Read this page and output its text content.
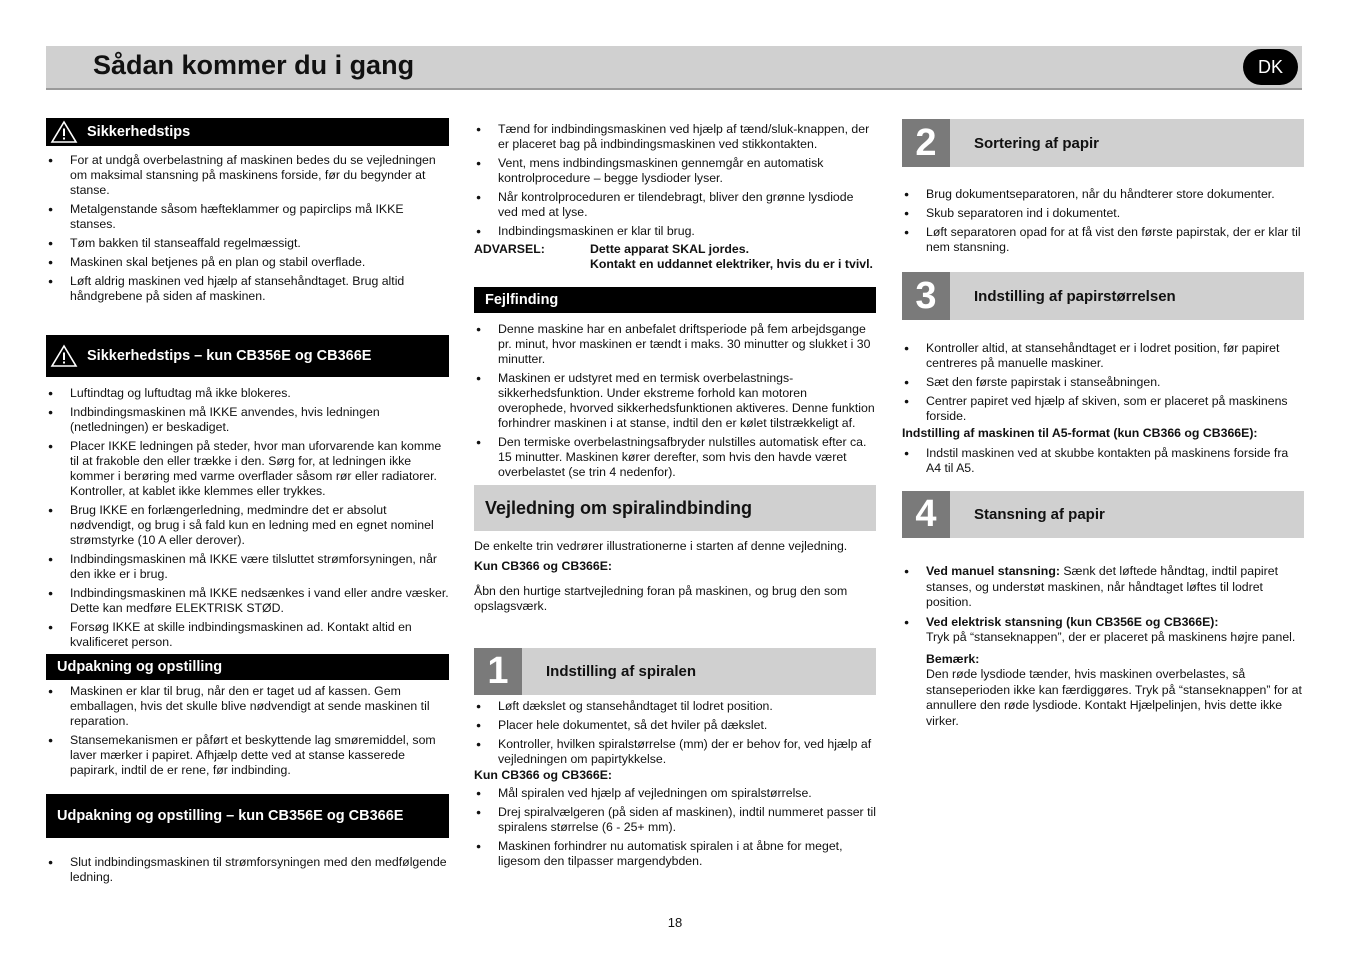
Sådan kommer du i gang	DK
Sikkerhedstips
● For at undgå overbelastning af maskinen bedes du se vejledningen om maksimal stansning på maskinens forside, før du begynder at stanse.
● Metalgenstande såsom hæfteklammer og papirclips må IKKE stanses.
● Tøm bakken til stanseaffald regelmæssigt.
● Maskinen skal betjenes på en plan og stabil overflade.
● Løft aldrig maskinen ved hjælp af stansehåndtaget. Brug altid håndgrebene på siden af maskinen.
Sikkerhedstips – kun CB356E og CB366E
● Luftindtag og luftudtag må ikke blokeres.
● Indbindingsmaskinen må IKKE anvendes, hvis ledningen (netledningen) er beskadiget.
● Placer IKKE ledningen på steder, hvor man uforvarende kan komme til at frakoble den eller trække i den. Sørg for, at ledningen ikke kommer i berøring med varme overflader såsom rør eller radiatorer. Kontroller, at kablet ikke klemmes eller trykkes.
● Brug IKKE en forlængerledning, medmindre det er absolut nødvendigt, og brug i så fald kun en ledning med en egnet nominel strømstyrke (10 A eller derover).
● Indbindingsmaskinen må IKKE være tilsluttet strømforsyningen, når den ikke er i brug.
● Indbindingsmaskinen må IKKE nedsænkes i vand eller andre væsker. Dette kan medføre ELEKTRISK STØD.
● Forsøg IKKE at skille indbindingsmaskinen ad. Kontakt altid en kvalificeret person.
Udpakning og opstilling
● Maskinen er klar til brug, når den er taget ud af kassen. Gem emballagen, hvis det skulle blive nødvendigt at sende maskinen til reparation.
● Stansemekanismen er påført et beskyttende lag smøremiddel, som laver mærker i papiret. Afhjælp dette ved at stanse kasserede papirark, indtil de er rene, før indbinding.
Udpakning og opstilling – kun CB356E og CB366E
● Slut indbindingsmaskinen til strømforsyningen med den medfølgende ledning.
● Tænd for indbindingsmaskinen ved hjælp af tænd/sluk-knappen, der er placeret bag på indbindingsmaskinen ved stikkontakten.
● Vent, mens indbindingsmaskinen gennemgår en automatisk kontrolprocedure – begge lysdioder lyser.
● Når kontrolproceduren er tilendebragt, bliver den grønne lysdiode ved med at lyse.
● Indbindingsmaskinen er klar til brug.
ADVARSEL:	Dette apparat SKAL jordes.
Kontakt en uddannet elektriker, hvis du er i tvivl.
Fejlfinding
● Denne maskine har en anbefalet driftsperiode på fem arbejdsgange pr. minut, hvor maskinen er tændt i maks. 30 minutter og slukket i 30 minutter.
● Maskinen er udstyret med en termisk overbelastnings-sikkerhedsfunktion. Under ekstreme forhold kan motoren overophede, hvorved sikkerhedsfunktionen aktiveres. Denne funktion forhindrer maskinen i at stanse, indtil den er kølet tilstrækkeligt af.
● Den termiske overbelastningsafbryder nulstilles automatisk efter ca. 15 minutter. Maskinen kører derefter, som hvis den havde været overbelastet (se trin 4 nedenfor).
Vejledning om spiralindbinding
De enkelte trin vedrører illustrationerne i starten af denne vejledning.
Kun CB366 og CB366E:
Åbn den hurtige startvejledning foran på maskinen, og brug den som opslagsværk.
1	Indstilling af spiralen
● Løft dækslet og stansehåndtaget til lodret position.
● Placer hele dokumentet, så det hviler på dækslet.
● Kontroller, hvilken spiralstørrelse (mm) der er behov for, ved hjælp af vejledningen om papirtykkelse.
Kun CB366 og CB366E:
● Mål spiralen ved hjælp af vejledningen om spiralstørrelse.
● Drej spiralvælgeren (på siden af maskinen), indtil nummeret passer til spiralens størrelse (6 - 25+ mm).
● Maskinen forhindrer nu automatisk spiralen i at åbne for meget, ligesom den tilpasser margendybden.
2	Sortering af papir
● Brug dokumentseparatoren, når du håndterer store dokumenter.
● Skub separatoren ind i dokumentet.
● Løft separatoren opad for at få vist den første papirstak, der er klar til nem stansning.
3	Indstilling af papirstørrelsen
● Kontroller altid, at stansehåndtaget er i lodret position, før papiret centreres på manuelle maskiner.
● Sæt den første papirstak i stanseåbningen.
● Centrer papiret ved hjælp af skiven, som er placeret på maskinens forside.
Indstilling af maskinen til A5-format (kun CB366 og CB366E):
● Indstil maskinen ved at skubbe kontakten på maskinens forside fra A4 til A5.
4	Stansning af papir
● Ved manuel stansning: Sænk det løftede håndtag, indtil papiret stanses, og understøt maskinen, når håndtaget løftes til lodret position.
● Ved elektrisk stansning (kun CB356E og CB366E):
Tryk på “stanseknappen”, der er placeret på maskinens højre panel.
Bemærk:
Den røde lysdiode tænder, hvis maskinen overbelastes, så stanseperioden ikke kan færdiggøres. Tryk på “stanseknappen” for at annullere den røde lysdiode. Kontakt Hjælpelinjen, hvis dette ikke virker.
18
